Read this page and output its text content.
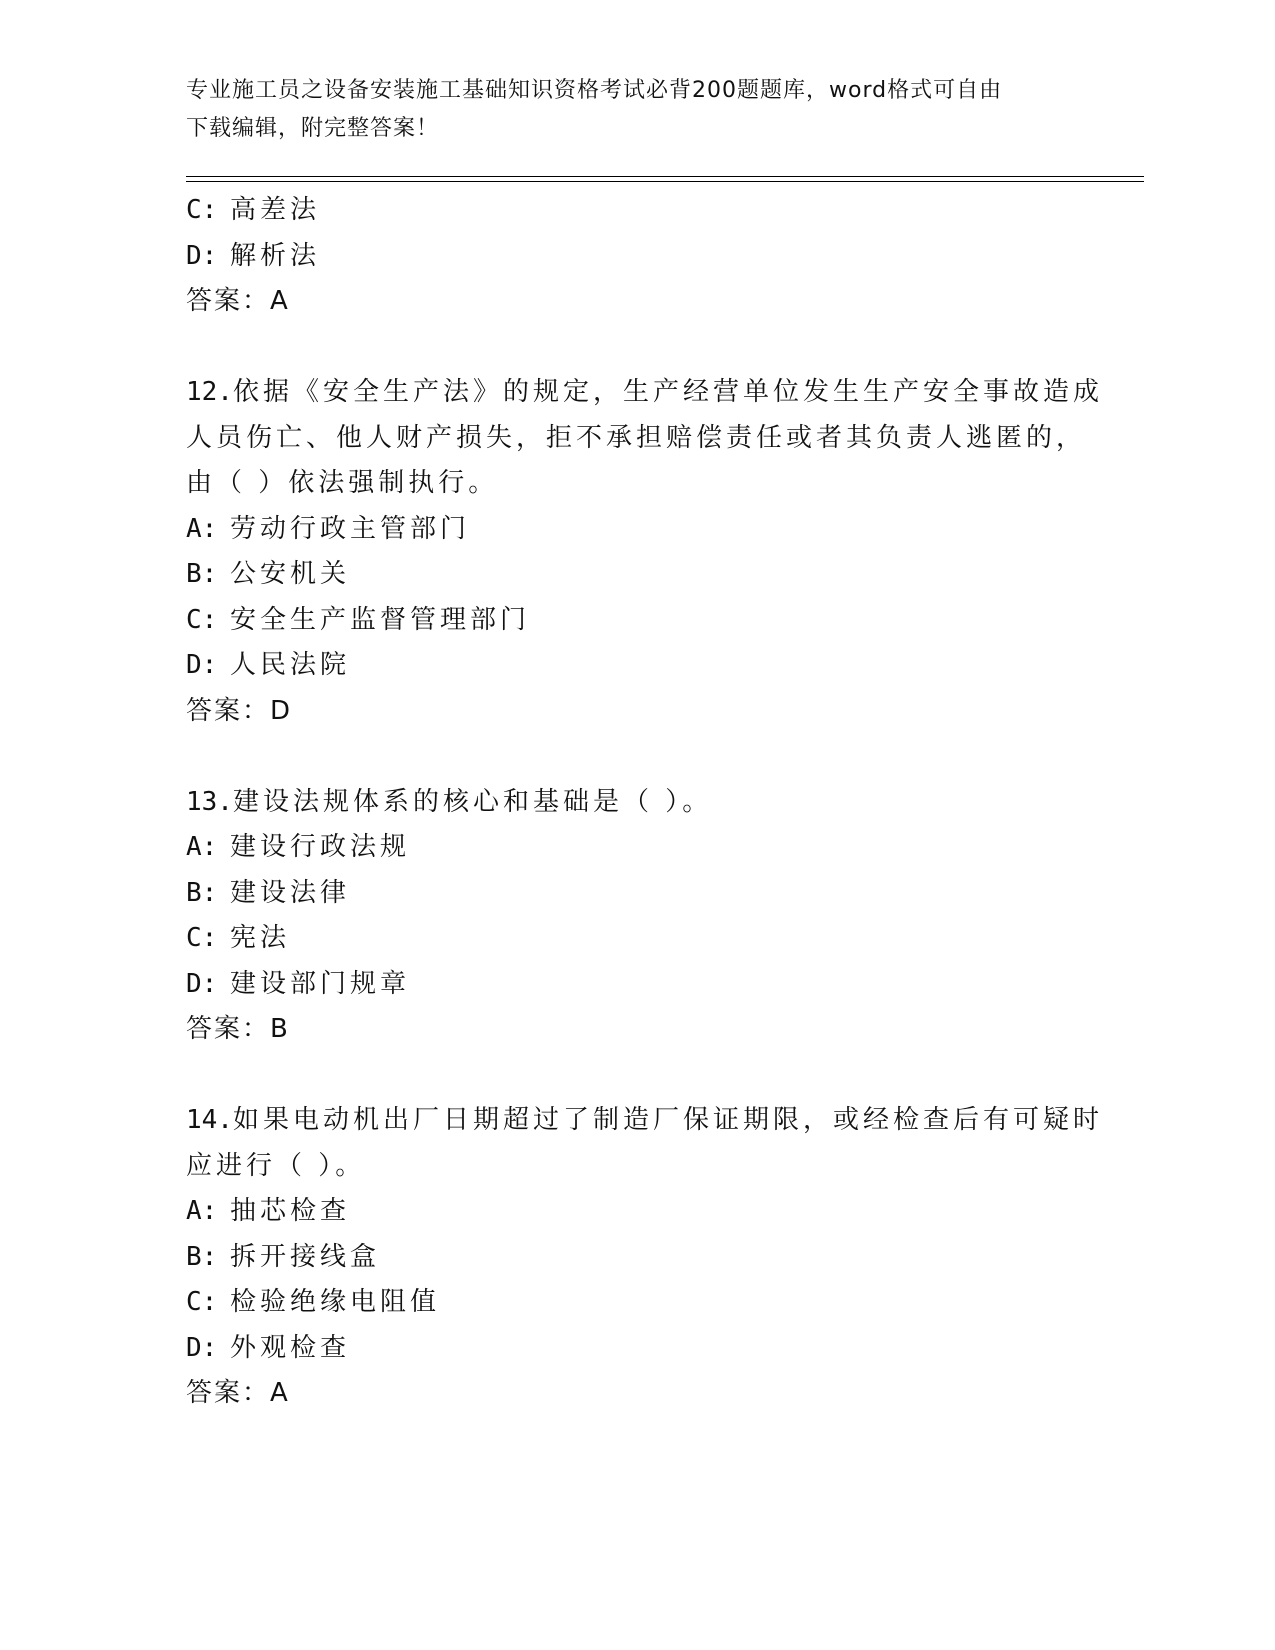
专业施工员之设备安装施工基础知识资格考试必背200题题库，word格式可自由
下载编辑，附完整答案！
C: 高差法
D: 解析法
答案：A
12.依据《安全生产法》的规定，生产经营单位发生生产安全事故造成
人员伤亡、他人财产损失，拒不承担赔偿责任或者其负责人逃匿的，
由（ ）依法强制执行。
A: 劳动行政主管部门
B: 公安机关
C: 安全生产监督管理部门
D: 人民法院
答案：D
13.建设法规体系的核心和基础是（ ）。
A: 建设行政法规
B: 建设法律
C: 宪法
D: 建设部门规章
答案：B
14.如果电动机出厂日期超过了制造厂保证期限，或经检查后有可疑时
应进行（ ）。
A: 抽芯检查
B: 拆开接线盒
C: 检验绝缘电阻值
D: 外观检查
答案：A
